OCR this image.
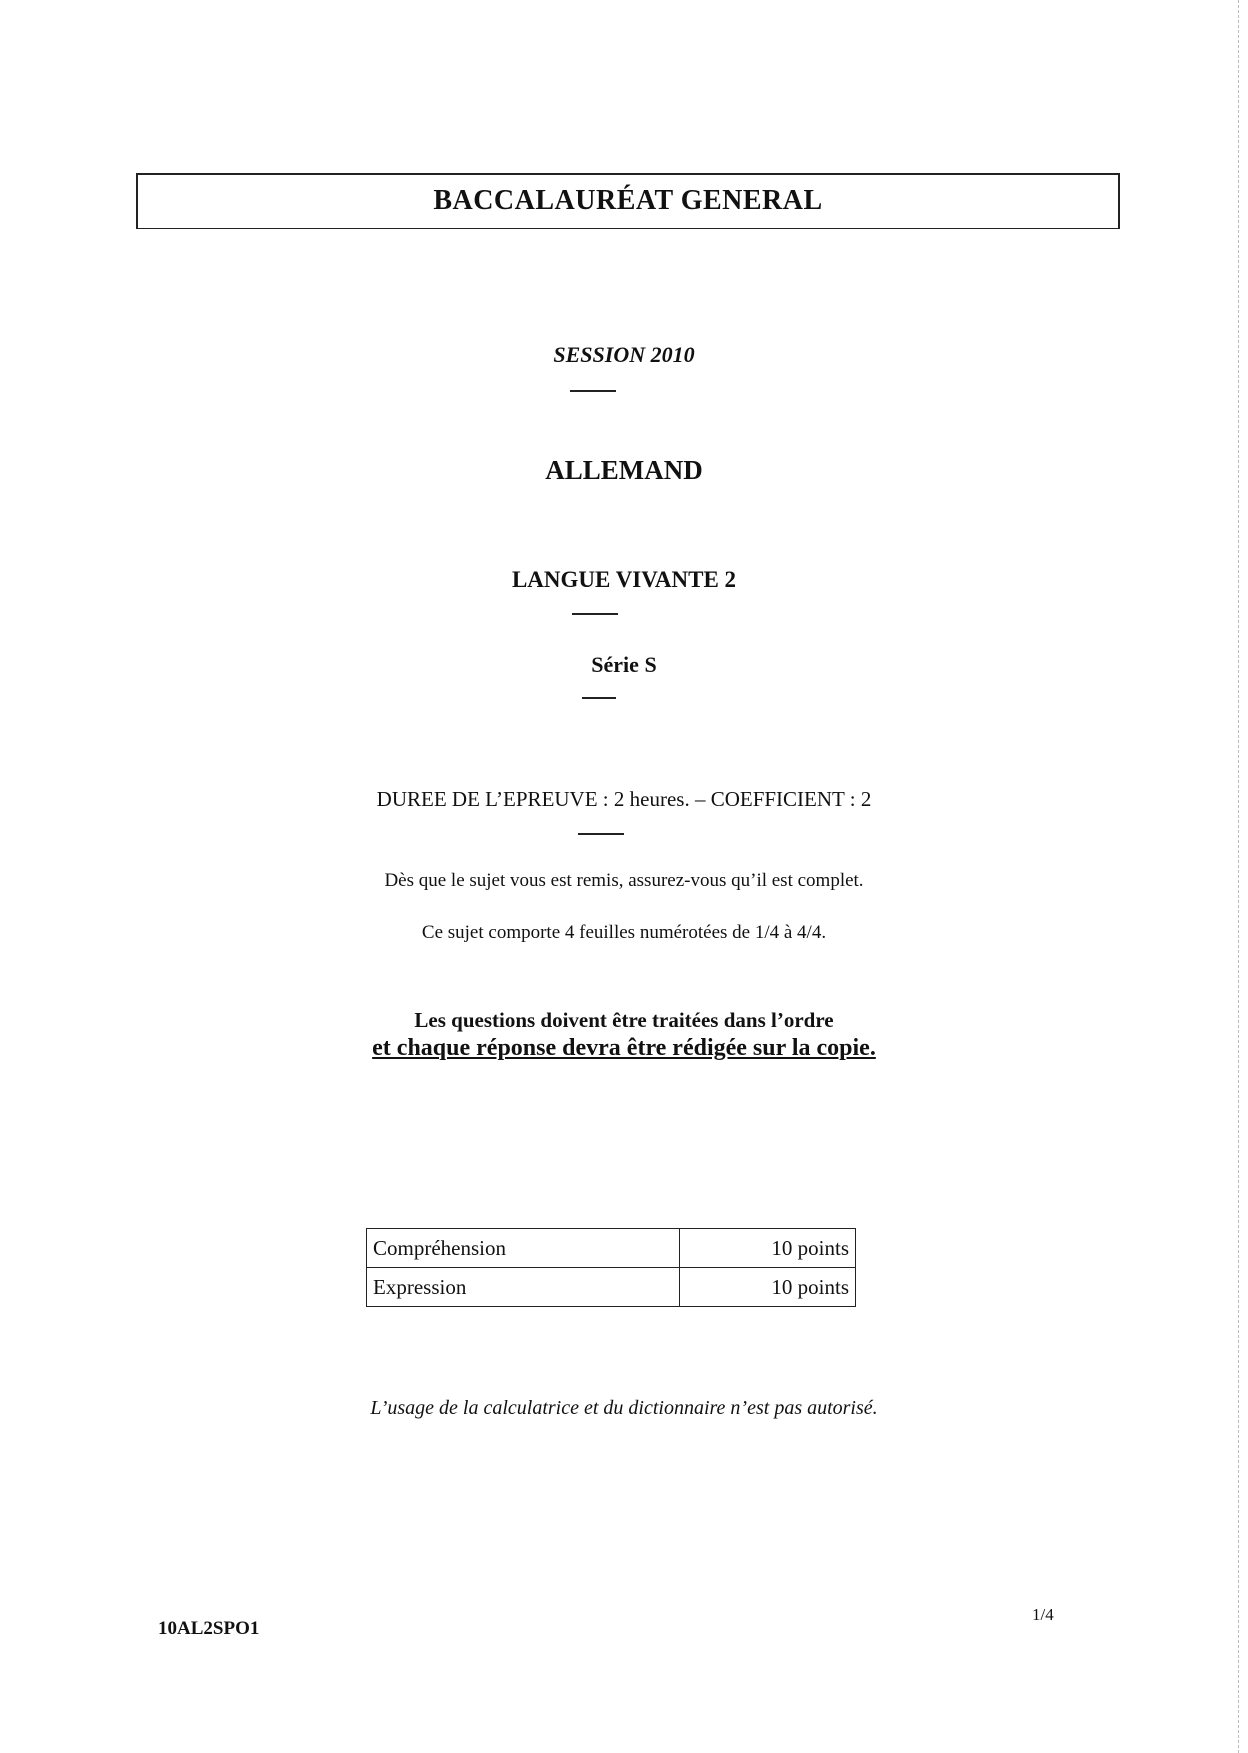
BACCALAURÉAT GENERAL
SESSION 2010
ALLEMAND
LANGUE VIVANTE 2
Série S
DUREE DE L’EPREUVE : 2 heures. – COEFFICIENT : 2
Dès que le sujet vous est remis, assurez-vous qu’il est complet.
Ce sujet comporte 4 feuilles numérotées de 1/4 à 4/4.
Les questions doivent être traitées dans l’ordre
et chaque réponse devra être rédigée sur la copie.
Compréhension	10 points
Expression	10 points
L’usage de la calculatrice et du dictionnaire n’est pas autorisé.
10AL2SPO1
1/4
